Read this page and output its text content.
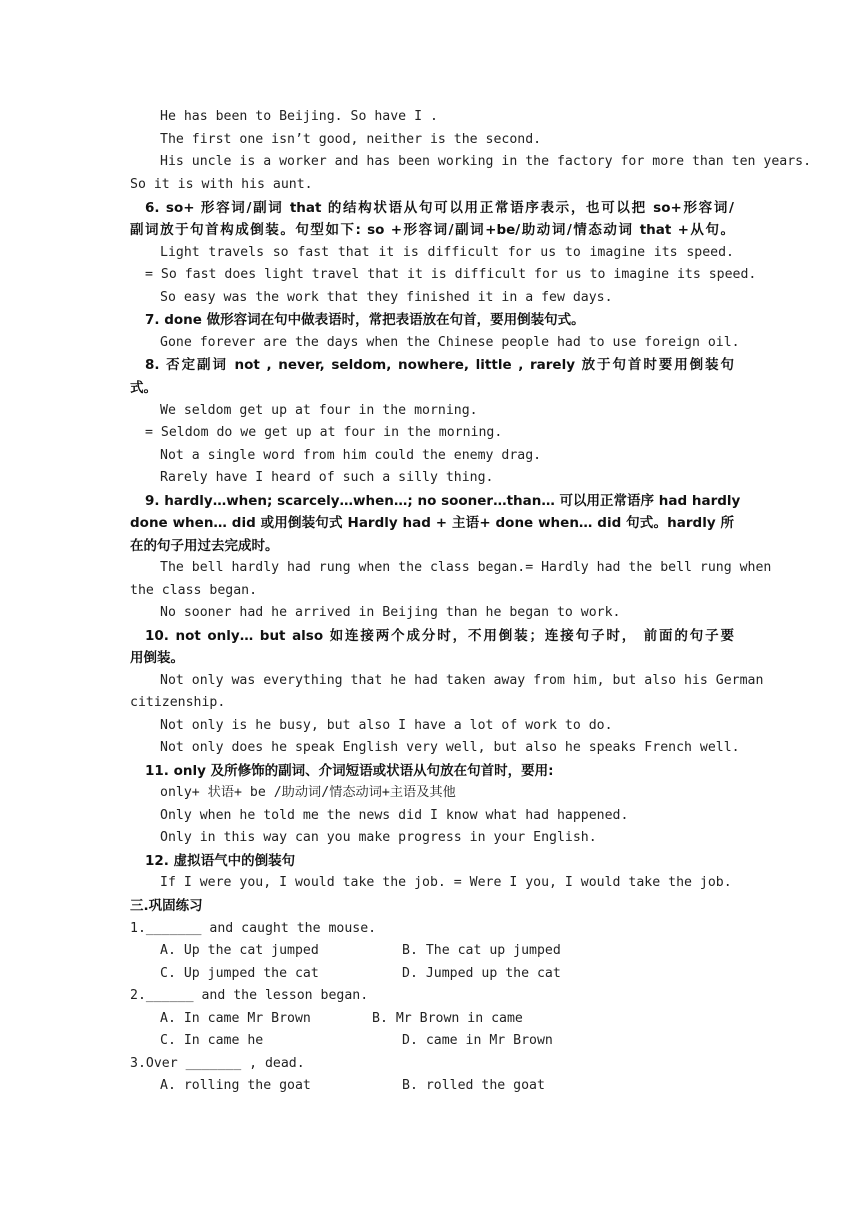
He has been to Beijing. So have I .
The first one isn’t good, neither is the second.
His uncle is a worker and has been working in the factory for more than ten years.
So it is with his aunt.
6. so+ 形容词/副词 that 的结构状语从句可以用正常语序表示，也可以把 so+形容词/
副词放于句首构成倒装。句型如下: so +形容词/副词+be/助动词/情态动词 that +从句。
Light travels so fast that it is difficult for us to imagine its speed.
= So fast does light travel that it is difficult for us to imagine its speed.
So easy was the work that they finished it in a few days.
7. done 做形容词在句中做表语时，常把表语放在句首，要用倒装句式。
Gone forever are the days when the Chinese people had to use foreign oil.
8. 否定副词 not , never, seldom, nowhere, little , rarely 放于句首时要用倒装句
式。
We seldom get up at four in the morning.
= Seldom do we get up at four in the morning.
Not a single word from him could the enemy drag.
Rarely have I heard of such a silly thing.
9. hardly…when; scarcely…when…; no sooner…than… 可以用正常语序 had hardly
done when… did 或用倒装句式 Hardly had + 主语+ done when… did 句式。hardly 所
在的句子用过去完成时。
The bell hardly had rung when the class began.= Hardly had the bell rung when
the class began.
No sooner had he arrived in Beijing than he began to work.
10. not only… but also 如连接两个成分时，不用倒装；连接句子时， 前面的句子要
用倒装。
Not only was everything that he had taken away from him, but also his German
citizenship.
Not only is he busy, but also I have a lot of work to do.
Not only does he speak English very well, but also he speaks French well.
11. only 及所修饰的副词、介词短语或状语从句放在句首时，要用:
only+ 状语+ be /助动词/情态动词+主语及其他
Only when he told me the news did I know what had happened.
Only in this way can you make progress in your English.
12. 虚拟语气中的倒装句
If I were you, I would take the job. = Were I you, I would take the job.
三.巩固练习
1._______ and caught the mouse.
A. Up the cat jumped	B. The cat up jumped
C. Up jumped the cat	D. Jumped up the cat
2.______ and the lesson began.
A. In came Mr Brown	B. Mr Brown in came
C. In came he	D. came in Mr Brown
3.Over _______ , dead.
A. rolling the goat	B. rolled the goat
